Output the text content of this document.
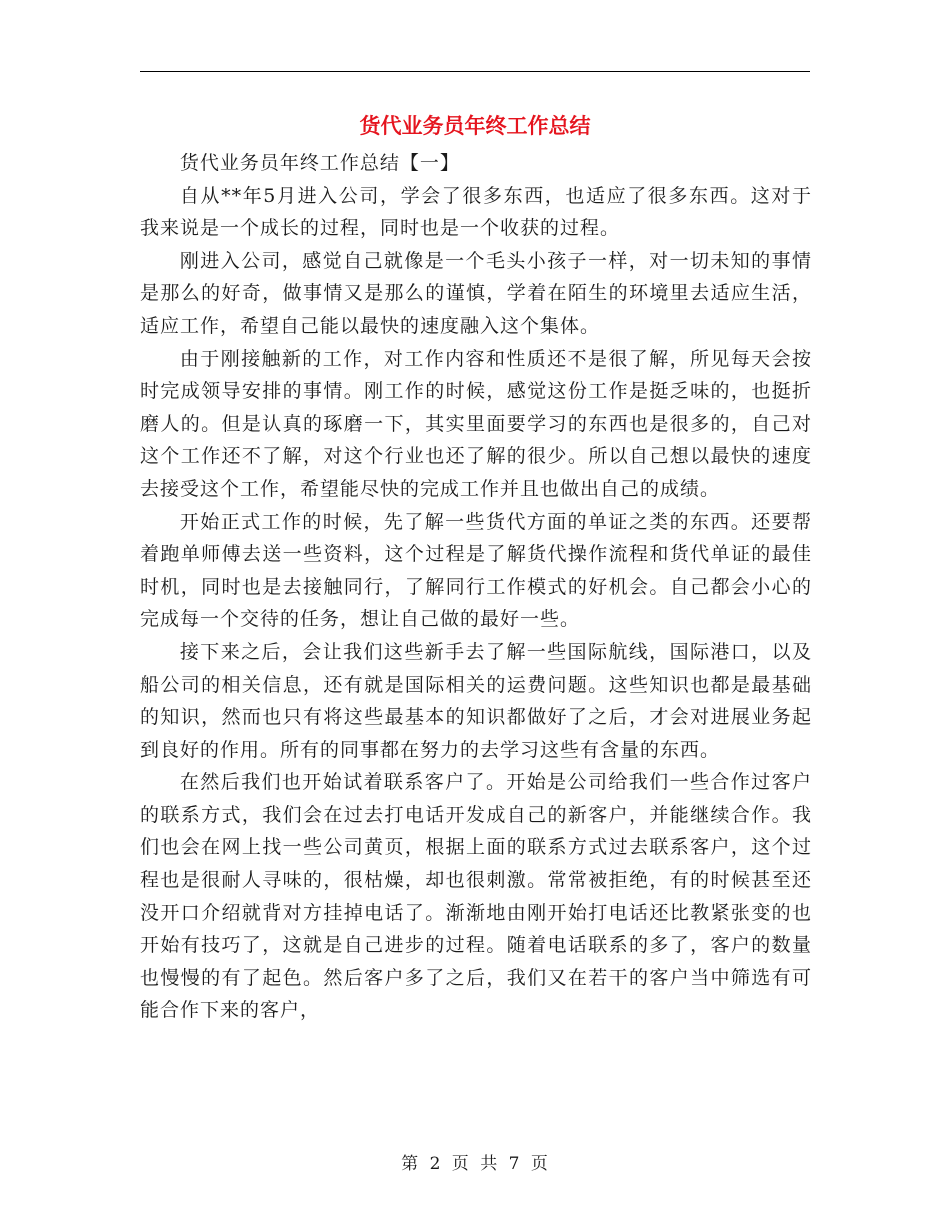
货代业务员年终工作总结

货代业务员年终工作总结【一】

自从**年5月进入公司，学会了很多东西，也适应了很多东西。这对于我来说是一个成长的过程，同时也是一个收获的过程。

刚进入公司，感觉自己就像是一个毛头小孩子一样，对一切未知的事情是那么的好奇，做事情又是那么的谨慎，学着在陌生的环境里去适应生活，适应工作，希望自己能以最快的速度融入这个集体。

由于刚接触新的工作，对工作内容和性质还不是很了解，所见每天会按时完成领导安排的事情。刚工作的时候，感觉这份工作是挺乏味的，也挺折磨人的。但是认真的琢磨一下，其实里面要学习的东西也是很多的，自己对这个工作还不了解，对这个行业也还了解的很少。所以自己想以最快的速度去接受这个工作，希望能尽快的完成工作并且也做出自己的成绩。

开始正式工作的时候，先了解一些货代方面的单证之类的东西。还要帮着跑单师傅去送一些资料，这个过程是了解货代操作流程和货代单证的最佳时机，同时也是去接触同行，了解同行工作模式的好机会。自己都会小心的完成每一个交待的任务，想让自己做的最好一些。

接下来之后，会让我们这些新手去了解一些国际航线，国际港口，以及船公司的相关信息，还有就是国际相关的运费问题。这些知识也都是最基础的知识，然而也只有将这些最基本的知识都做好了之后，才会对进展业务起到良好的作用。所有的同事都在努力的去学习这些有含量的东西。

在然后我们也开始试着联系客户了。开始是公司给我们一些合作过客户的联系方式，我们会在过去打电话开发成自己的新客户，并能继续合作。我们也会在网上找一些公司黄页，根据上面的联系方式过去联系客户，这个过程也是很耐人寻味的，很枯燥，却也很刺激。常常被拒绝，有的时候甚至还没开口介绍就背对方挂掉电话了。渐渐地由刚开始打电话还比教紧张变的也开始有技巧了，这就是自己进步的过程。随着电话联系的多了，客户的数量也慢慢的有了起色。然后客户多了之后，我们又在若干的客户当中筛选有可能合作下来的客户，

第 2 页 共 7 页
